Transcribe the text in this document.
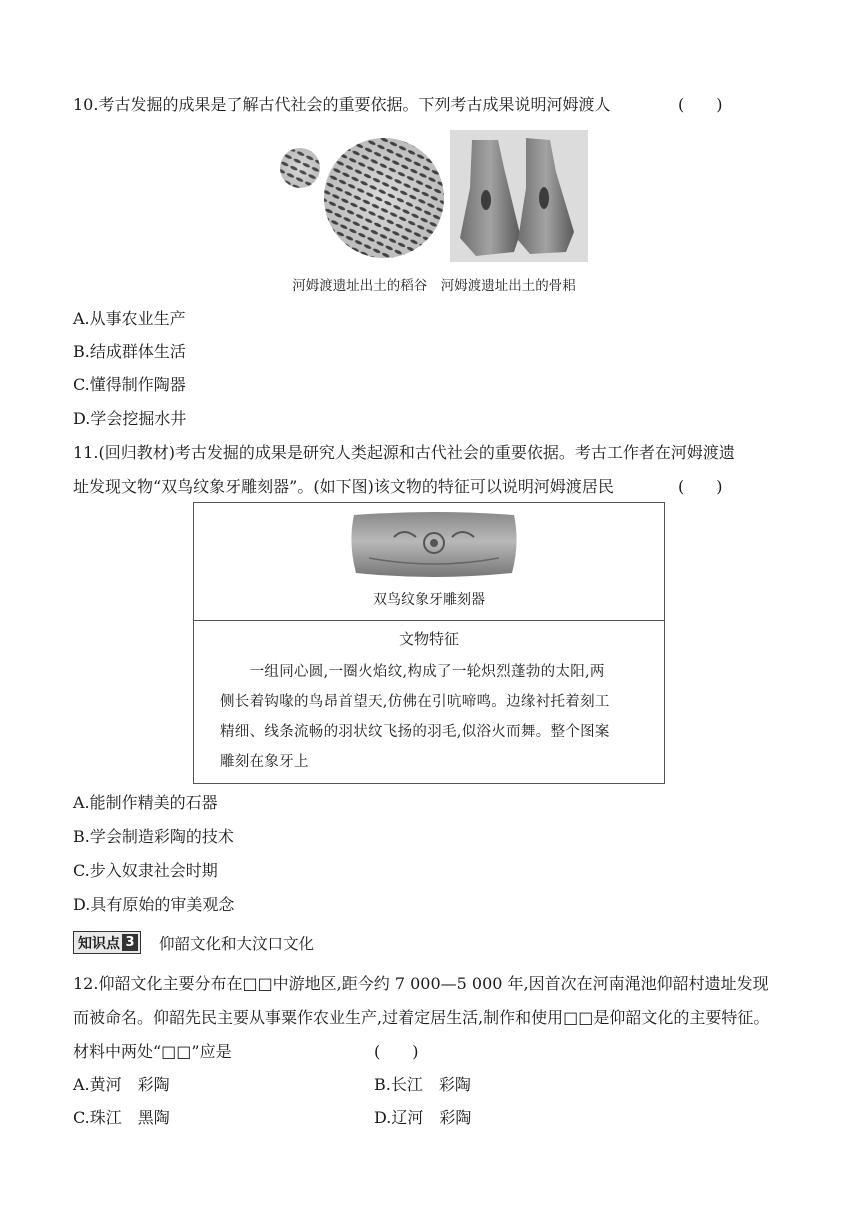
10.考古发掘的成果是了解古代社会的重要依据。下列考古成果说明河姆渡人	(　　)
河姆渡遗址出土的稻谷　河姆渡遗址出土的骨耜
A.从事农业生产
B.结成群体生活
C.懂得制作陶器
D.学会挖掘水井
11.(回归教材)考古发掘的成果是研究人类起源和古代社会的重要依据。考古工作者在河姆渡遗
址发现文物“双鸟纹象牙雕刻器”。(如下图)该文物的特征可以说明河姆渡居民	(　　)
双鸟纹象牙雕刻器
文物特征
　　一组同心圆,一圈火焰纹,构成了一轮炽烈蓬勃的太阳,两
侧长着钩喙的鸟昂首望天,仿佛在引吭啼鸣。边缘衬托着刻工
精细、线条流畅的羽状纹飞扬的羽毛,似浴火而舞。整个图案
雕刻在象牙上
A.能制作精美的石器
B.学会制造彩陶的技术
C.步入奴隶社会时期
D.具有原始的审美观念
知识点 3 仰韶文化和大汶口文化
12.仰韶文化主要分布在□□中游地区,距今约 7 000—5 000 年,因首次在河南渑池仰韶村遗址发现
而被命名。仰韶先民主要从事粟作农业生产,过着定居生活,制作和使用□□是仰韶文化的主要特征。
材料中两处“□□”应是	(　　)
A.黄河　彩陶	B.长江　彩陶
C.珠江　黑陶	D.辽河　彩陶
